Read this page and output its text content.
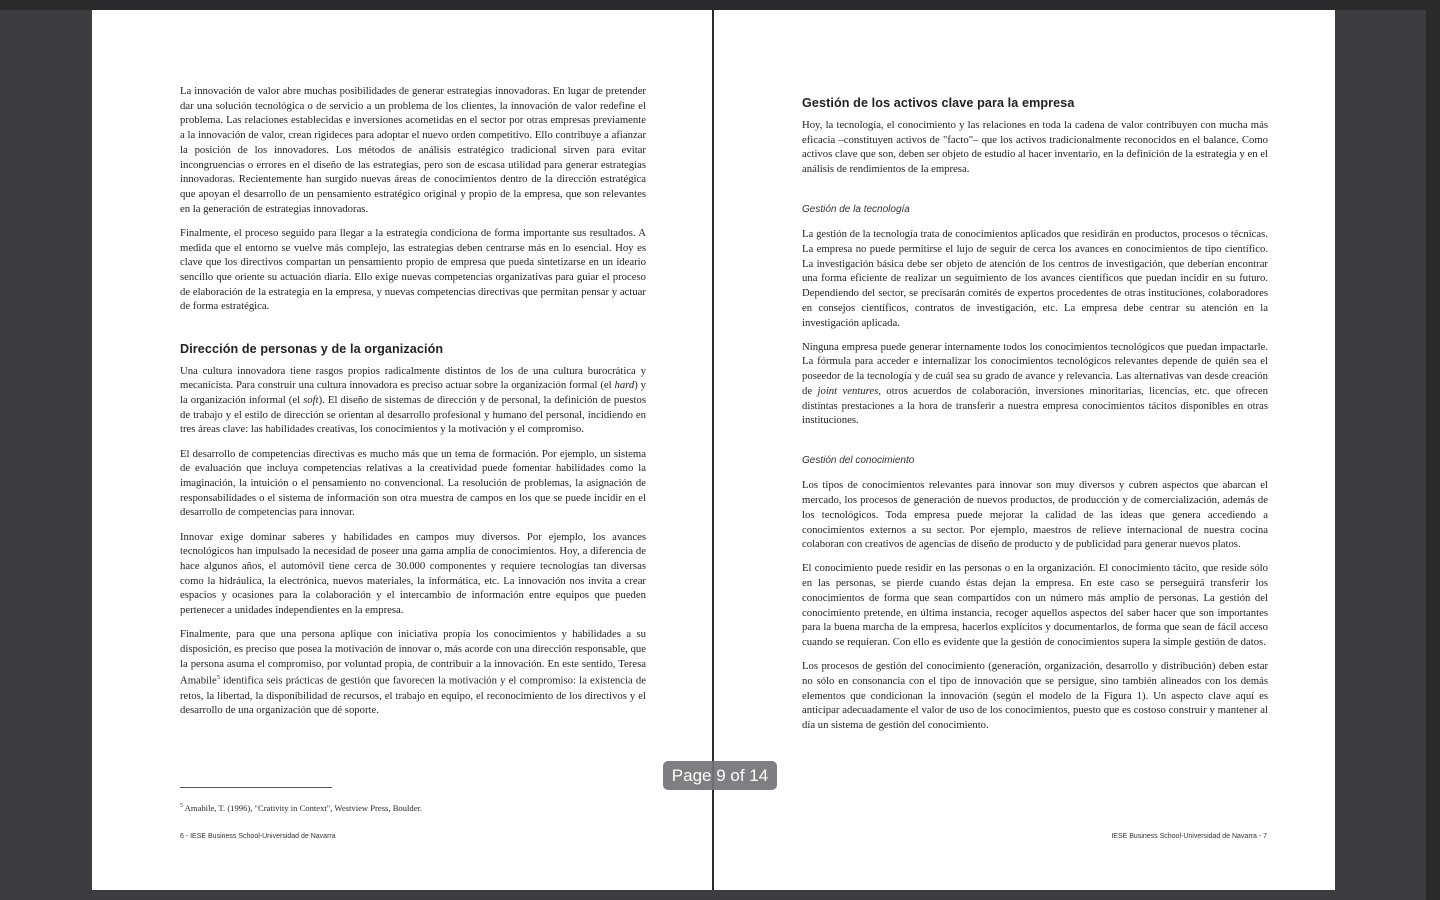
La innovación de valor abre muchas posibilidades de generar estrategias innovadoras. En lugar de pretender dar una solución tecnológica o de servicio a un problema de los clientes, la innovación de valor redefine el problema. Las relaciones establecidas e inversiones acometidas en el sector por otras empresas previamente a la innovación de valor, crean rigideces para adoptar el nuevo orden competitivo. Ello contribuye a afianzar la posición de los innovadores. Los métodos de análisis estratégico tradicional sirven para evitar incongruencias o errores en el diseño de las estrategias, pero son de escasa utilidad para generar estrategias innovadoras. Recientemente han surgido nuevas áreas de conocimientos dentro de la dirección estratégica que apoyan el desarrollo de un pensamiento estratégico original y propio de la empresa, que son relevantes en la generación de estrategias innovadoras.

Finalmente, el proceso seguido para llegar a la estrategia condiciona de forma importante sus resultados. A medida que el entorno se vuelve más complejo, las estrategias deben centrarse más en lo esencial. Hoy es clave que los directivos compartan un pensamiento propio de empresa que pueda sintetizarse en un ideario sencillo que oriente su actuación diaria. Ello exige nuevas competencias organizativas para guiar el proceso de elaboración de la estrategia en la empresa, y nuevas competencias directivas que permitan pensar y actuar de forma estratégica.

Dirección de personas y de la organización

Una cultura innovadora tiene rasgos propios radicalmente distintos de los de una cultura burocrática y mecanicista. Para construir una cultura innovadora es preciso actuar sobre la organización formal (el hard) y la organización informal (el soft). El diseño de sistemas de dirección y de personal, la definición de puestos de trabajo y el estilo de dirección se orientan al desarrollo profesional y humano del personal, incidiendo en tres áreas clave: las habilidades creativas, los conocimientos y la motivación y el compromiso.

El desarrollo de competencias directivas es mucho más que un tema de formación. Por ejemplo, un sistema de evaluación que incluya competencias relativas a la creatividad puede fomentar habilidades como la imaginación, la intuición o el pensamiento no convencional. La resolución de problemas, la asignación de responsabilidades o el sistema de información son otra muestra de campos en los que se puede incidir en el desarrollo de competencias para innovar.

Innovar exige dominar saberes y habilidades en campos muy diversos. Por ejemplo, los avances tecnológicos han impulsado la necesidad de poseer una gama amplia de conocimientos. Hoy, a diferencia de hace algunos años, el automóvil tiene cerca de 30.000 componentes y requiere tecnologías tan diversas como la hidráulica, la electrónica, nuevos materiales, la informática, etc. La innovación nos invita a crear espacios y ocasiones para la colaboración y el intercambio de información entre equipos que pueden pertenecer a unidades independientes en la empresa.

Finalmente, para que una persona aplique con iniciativa propia los conocimientos y habilidades a su disposición, es preciso que posea la motivación de innovar o, más acorde con una dirección responsable, que la persona asuma el compromiso, por voluntad propia, de contribuir a la innovación. En este sentido, Teresa Amabile$^5$ identifica seis prácticas de gestión que favorecen la motivación y el compromiso: la existencia de retos, la libertad, la disponibilidad de recursos, el trabajo en equipo, el reconocimiento de los directivos y el desarrollo de una organización que dé soporte.

$^5$ Amabile, T. (1996), "Crativity in Context", Westview Press, Boulder.
6 - IESE Business School-Universidad de Navarra
Gestión de los activos clave para la empresa

Hoy, la tecnología, el conocimiento y las relaciones en toda la cadena de valor contribuyen con mucha más eficacia –constituyen activos de "facto"– que los activos tradicionalmente reconocidos en el balance. Como activos clave que son, deben ser objeto de estudio al hacer inventario, en la definición de la estrategia y en el análisis de rendimientos de la empresa.

Gestión de la tecnología

La gestión de la tecnología trata de conocimientos aplicados que residirán en productos, procesos o técnicas. La empresa no puede permitirse el lujo de seguir de cerca los avances en conocimientos de tipo científico. La investigación básica debe ser objeto de atención de los centros de investigación, que deberían encontrar una forma eficiente de realizar un seguimiento de los avances científicos que puedan incidir en su futuro. Dependiendo del sector, se precisarán comités de expertos procedentes de otras instituciones, colaboradores en consejos científicos, contratos de investigación, etc. La empresa debe centrar su atención en la investigación aplicada.

Ninguna empresa puede generar internamente todos los conocimientos tecnológicos que puedan impactarle. La fórmula para acceder e internalizar los conocimientos tecnológicos relevantes depende de quién sea el poseedor de la tecnología y de cuál sea su grado de avance y relevancia. Las alternativas van desde creación de joint ventures, otros acuerdos de colaboración, inversiones minoritarias, licencias, etc. que ofrecen distintas prestaciones a la hora de transferir a nuestra empresa conocimientos tácitos disponibles en otras instituciones.

Gestión del conocimiento

Los tipos de conocimientos relevantes para innovar son muy diversos y cubren aspectos que abarcan el mercado, los procesos de generación de nuevos productos, de producción y de comercialización, además de los tecnológicos. Toda empresa puede mejorar la calidad de las ideas que genera accediendo a conocimientos externos a su sector. Por ejemplo, maestros de relieve internacional de nuestra cocina colaboran con creativos de agencias de diseño de producto y de publicidad para generar nuevos platos.

El conocimiento puede residir en las personas o en la organización. El conocimiento tácito, que reside sólo en las personas, se pierde cuando éstas dejan la empresa. En este caso se perseguirá transferir los conocimientos de forma que sean compartidos con un número más amplio de personas. La gestión del conocimiento pretende, en última instancia, recoger aquellos aspectos del saber hacer que son importantes para la buena marcha de la empresa, hacerlos explícitos y documentarlos, de forma que sean de fácil acceso cuando se requieran. Con ello es evidente que la gestión de conocimientos supera la simple gestión de datos.

Los procesos de gestión del conocimiento (generación, organización, desarrollo y distribución) deben estar no sólo en consonancia con el tipo de innovación que se persigue, sino también alineados con los demás elementos que condicionan la innovación (según el modelo de la Figura 1). Un aspecto clave aquí es anticipar adecuadamente el valor de uso de los conocimientos, puesto que es costoso construir y mantener al día un sistema de gestión del conocimiento.

IESE Business School-Universidad de Navarra - 7
Page 9 of 14
